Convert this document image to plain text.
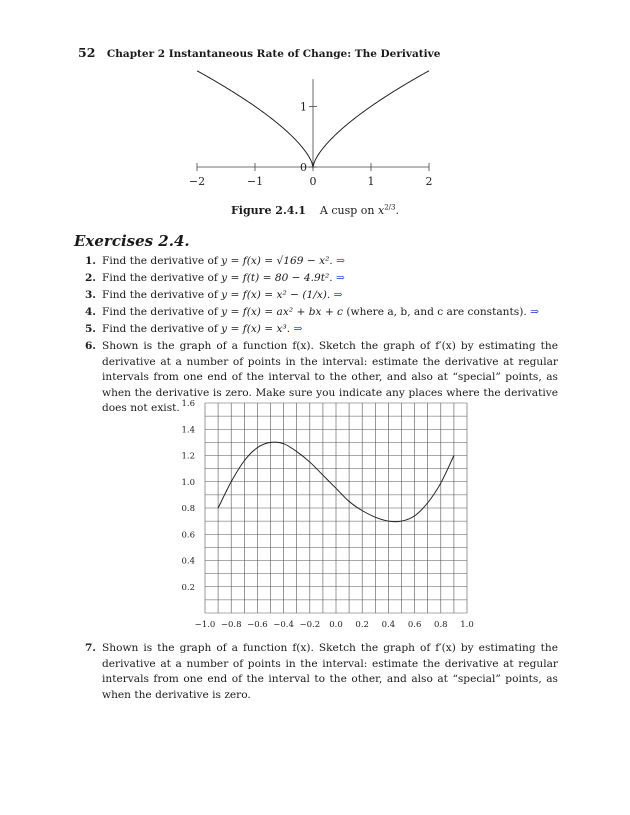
52 Chapter 2 Instantaneous Rate of Change: The Derivative
−2	−1	0	1	2
0
1
Figure 2.4.1 A cusp on $x^{2/3}$.
Exercises 2.4.
1. Find the derivative of y = f(x) = √169 − x². ⇒
2. Find the derivative of y = f(t) = 80 − 4.9t². ⇒
3. Find the derivative of y = f(x) = x² − (1/x). ⇒
4. Find the derivative of y = f(x) = ax² + bx + c (where a, b, and c are constants). ⇒
5. Find the derivative of y = f(x) = x³. ⇒
6. Shown is the graph of a function f(x). Sketch the graph of f′(x) by estimating the derivative at a number of points in the interval: estimate the derivative at regular intervals from one end of the interval to the other, and also at “special” points, as when the derivative is zero. Make sure you indicate any places where the derivative does not exist.
−1.0 −0.8 −0.6 −0.4 −0.2 0.0 0.2 0.4 0.6 0.8 1.0
0.2
0.4
0.6
0.8
1.0
1.2
1.4
1.6
7. Shown is the graph of a function f(x). Sketch the graph of f′(x) by estimating the derivative at a number of points in the interval: estimate the derivative at regular intervals from one end of the interval to the other, and also at “special” points, as when the derivative is zero.
